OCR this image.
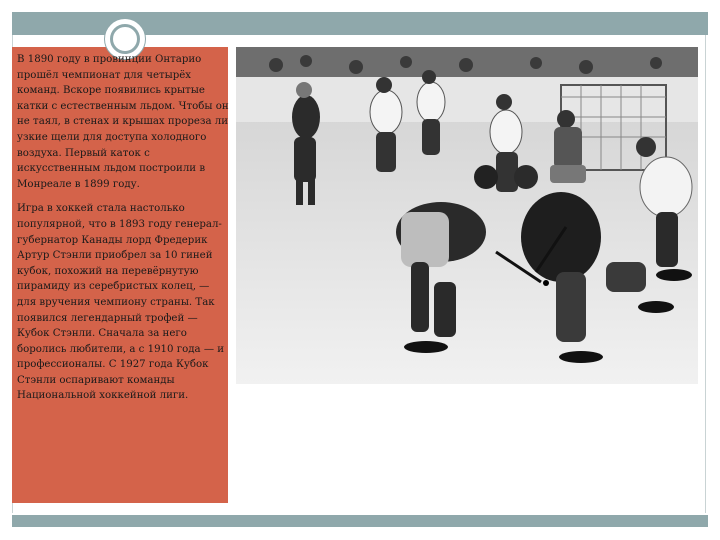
В 1890 году в провинции Онтарио прошёл чемпионат для четырёх команд. Вскоре появились крытые катки с естественным льдом. Чтобы он не таял, в стенах и крышах прореза ли узкие щели для доступа холодного воздуха. Первый каток с искусственным льдом построили в Монреале в 1899 году.

Игра в хоккей стала настолько популярной, что в 1893 году генерал-губернатор Канады лорд Фредерик Артур Стэнли приобрел за 10 гиней кубок, похожий на перевёрнутую пирамиду из серебристых колец, — для вручения чемпиону страны. Так появился легендарный трофей — Кубок Стэнли. Сначала за него боролись любители, а с 1910 года — и профессионалы. С 1927 года Кубок Стэнли оспаривают команды Национальной хоккейной лиги.
